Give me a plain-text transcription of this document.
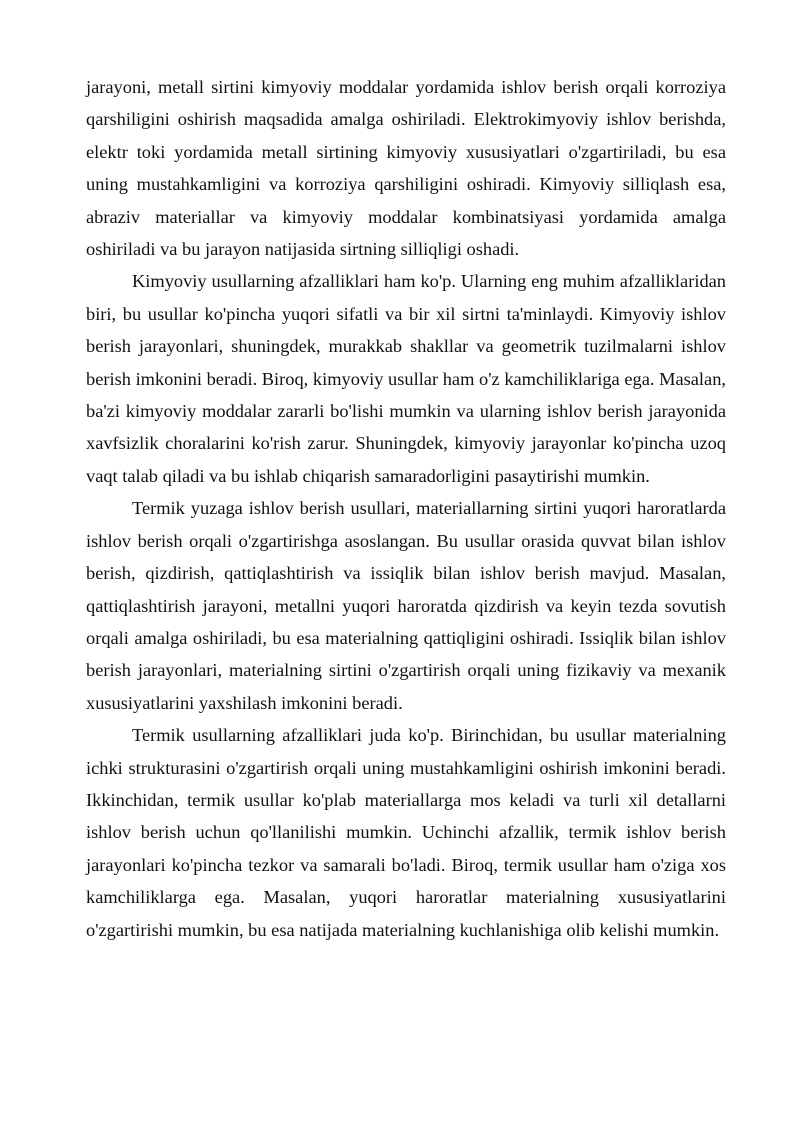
jarayoni, metall sirtini kimyoviy moddalar yordamida ishlov berish orqali korroziya qarshiligini oshirish maqsadida amalga oshiriladi. Elektrokimyoviy ishlov berishda, elektr toki yordamida metall sirtining kimyoviy xususiyatlari o'zgartiriladi, bu esa uning mustahkamligini va korroziya qarshiligini oshiradi. Kimyoviy silliqlash esa, abraziv materiallar va kimyoviy moddalar kombinatsiyasi yordamida amalga oshiriladi va bu jarayon natijasida sirtning silliqligi oshadi.

Kimyoviy usullarning afzalliklari ham ko'p. Ularning eng muhim afzalliklaridan biri, bu usullar ko'pincha yuqori sifatli va bir xil sirtni ta'minlaydi. Kimyoviy ishlov berish jarayonlari, shuningdek, murakkab shakllar va geometrik tuzilmalarni ishlov berish imkonini beradi. Biroq, kimyoviy usullar ham o'z kamchiliklariga ega. Masalan, ba'zi kimyoviy moddalar zararli bo'lishi mumkin va ularning ishlov berish jarayonida xavfsizlik choralarini ko'rish zarur. Shuningdek, kimyoviy jarayonlar ko'pincha uzoq vaqt talab qiladi va bu ishlab chiqarish samaradorligini pasaytirishi mumkin.

Termik yuzaga ishlov berish usullari, materiallarning sirtini yuqori haroratlarda ishlov berish orqali o'zgartirishga asoslangan. Bu usullar orasida quvvat bilan ishlov berish, qizdirish, qattiqlashtirish va issiqlik bilan ishlov berish mavjud. Masalan, qattiqlashtirish jarayoni, metallni yuqori haroratda qizdirish va keyin tezda sovutish orqali amalga oshiriladi, bu esa materialning qattiqligini oshiradi. Issiqlik bilan ishlov berish jarayonlari, materialning sirtini o'zgartirish orqali uning fizikaviy va mexanik xususiyatlarini yaxshilash imkonini beradi.

Termik usullarning afzalliklari juda ko'p. Birinchidan, bu usullar materialning ichki strukturasini o'zgartirish orqali uning mustahkamligini oshirish imkonini beradi. Ikkinchidan, termik usullar ko'plab materiallarga mos keladi va turli xil detallarni ishlov berish uchun qo'llanilishi mumkin. Uchinchi afzallik, termik ishlov berish jarayonlari ko'pincha tezkor va samarali bo'ladi. Biroq, termik usullar ham o'ziga xos kamchiliklarga ega. Masalan, yuqori haroratlar materialning xususiyatlarini o'zgartirishi mumkin, bu esa natijada materialning kuchlanishiga olib kelishi mumkin.
